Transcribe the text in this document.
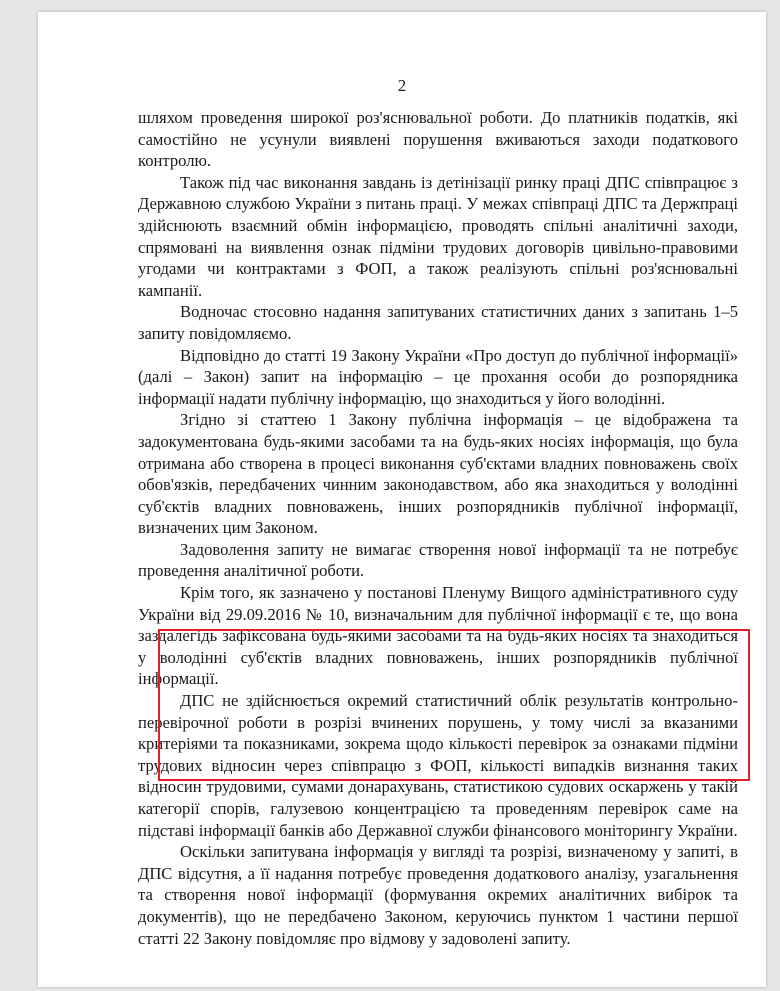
2

шляхом проведення широкої роз'яснювальної роботи. До платників податків, які самостійно не усунули виявлені порушення вживаються заходи податкового контролю.

Також під час виконання завдань із детінізації ринку праці ДПС співпрацює з Державною службою України з питань праці. У межах співпраці ДПС та Держпраці здійснюють взаємний обмін інформацією, проводять спільні аналітичні заходи, спрямовані на виявлення ознак підміни трудових договорів цивільно-правовими угодами чи контрактами з ФОП, а також реалізують спільні роз'яснювальні кампанії.

Водночас стосовно надання запитуваних статистичних даних з запитань 1–5 запиту повідомляємо.

Відповідно до статті 19 Закону України «Про доступ до публічної інформації» (далі – Закон) запит на інформацію – це прохання особи до розпорядника інформації надати публічну інформацію, що знаходиться у його володінні.

Згідно зі статтею 1 Закону публічна інформація – це відображена та задокументована будь-якими засобами та на будь-яких носіях інформація, що була отримана або створена в процесі виконання суб'єктами владних повноважень своїх обов'язків, передбачених чинним законодавством, або яка знаходиться у володінні суб'єктів владних повноважень, інших розпорядників публічної інформації, визначених цим Законом.

Задоволення запиту не вимагає створення нової інформації та не потребує проведення аналітичної роботи.

Крім того, як зазначено у постанові Пленуму Вищого адміністративного суду України від 29.09.2016 № 10, визначальним для публічної інформації є те, що вона заздалегідь зафіксована будь-якими засобами та на будь-яких носіях та знаходиться у володінні суб'єктів владних повноважень, інших розпорядників публічної інформації.

ДПС не здійснюється окремий статистичний облік результатів контрольно-перевірочної роботи в розрізі вчинених порушень, у тому числі за вказаними критеріями та показниками, зокрема щодо кількості перевірок за ознаками підміни трудових відносин через співпрацю з ФОП, кількості випадків визнання таких відносин трудовими, сумами донарахувань, статистикою судових оскаржень у такій категорії спорів, галузевою концентрацією та проведенням перевірок саме на підставі інформації банків або Державної служби фінансового моніторингу України.

Оскільки запитувана інформація у вигляді та розрізі, визначеному у запиті, в ДПС відсутня, а її надання потребує проведення додаткового аналізу, узагальнення та створення нової інформації (формування окремих аналітичних вибірок та документів), що не передбачено Законом, керуючись пунктом 1 частини першої статті 22 Закону повідомляє про відмову у задоволені запиту.
